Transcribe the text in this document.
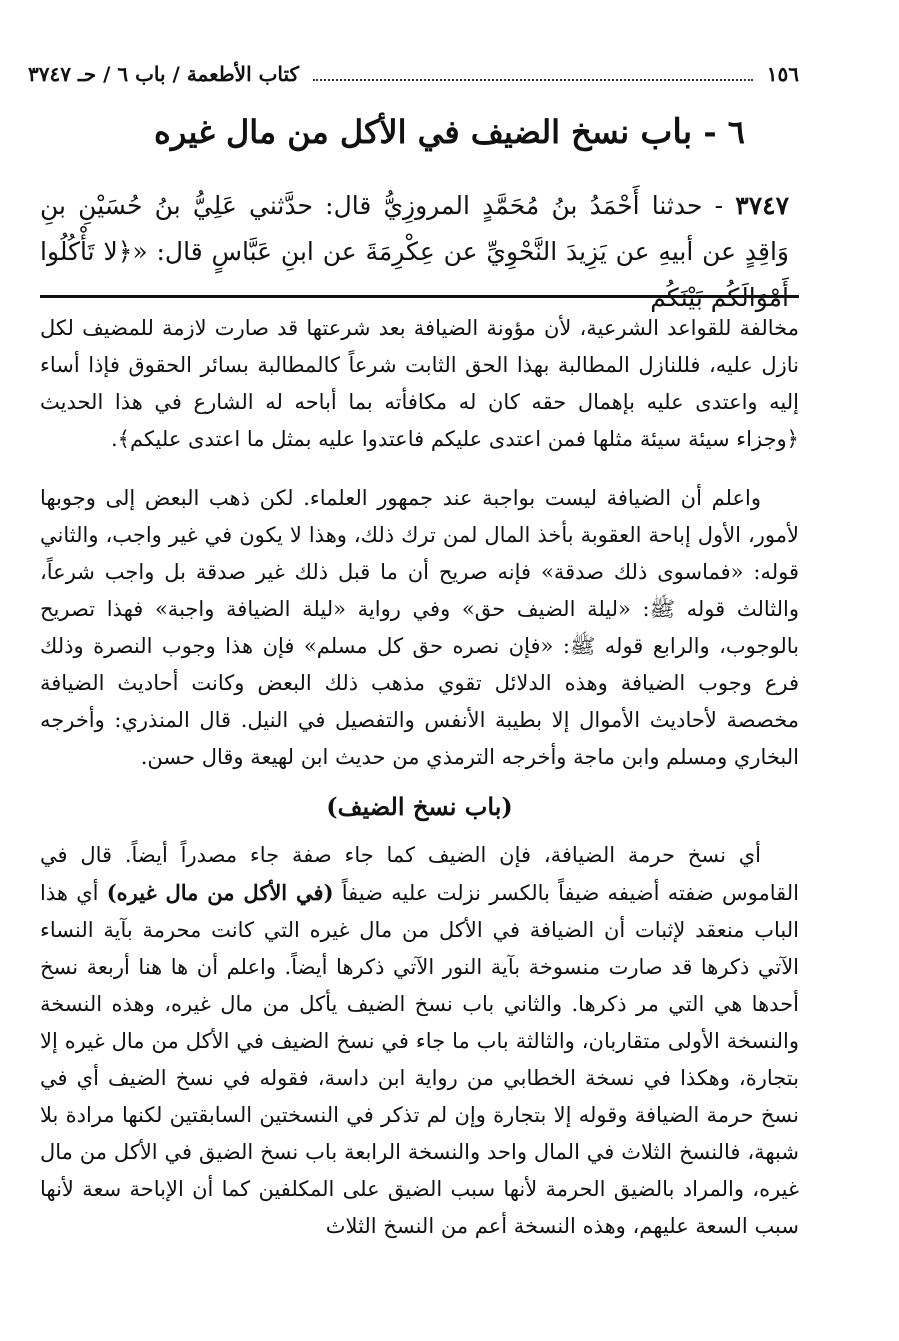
١٥٦
كتاب الأطعمة / باب ٦ / حـ ٣٧٤٧
٦ - باب نسخ الضيف في الأكل من مال غيره

٣٧٤٧ - حدثنا أَحْمَدُ بنُ مُحَمَّدٍ المروزِيُّ قال: حدَّثني عَلِيُّ بنُ حُسَيْنِ بنِ وَاقِدٍ عن أبيهِ عن يَزِيدَ النَّحْوِيِّ عن عِكْرِمَةَ عن ابنِ عَبَّاسٍ قال: «﴿لا تَأْكُلُوا أَمْوَالَكُم بَيْنَكُم

مخالفة للقواعد الشرعية، لأن مؤونة الضيافة بعد شرعتها قد صارت لازمة للمضيف لكل نازل عليه، فللنازل المطالبة بهذا الحق الثابت شرعاً كالمطالبة بسائر الحقوق فإذا أساء إليه واعتدى عليه بإهمال حقه كان له مكافأته بما أباحه له الشارع في هذا الحديث ﴿وجزاء سيئة سيئة مثلها فمن اعتدى عليكم فاعتدوا عليه بمثل ما اعتدى عليكم﴾.

واعلم أن الضيافة ليست بواجبة عند جمهور العلماء. لكن ذهب البعض إلى وجوبها لأمور، الأول إباحة العقوبة بأخذ المال لمن ترك ذلك، وهذا لا يكون في غير واجب، والثاني قوله: «فماسوى ذلك صدقة» فإنه صريح أن ما قبل ذلك غير صدقة بل واجب شرعاً، والثالث قوله ﷺ: «ليلة الضيف حق» وفي رواية «ليلة الضيافة واجبة» فهذا تصريح بالوجوب، والرابع قوله ﷺ: «فإن نصره حق كل مسلم» فإن هذا وجوب النصرة وذلك فرع وجوب الضيافة وهذه الدلائل تقوي مذهب ذلك البعض وكانت أحاديث الضيافة مخصصة لأحاديث الأموال إلا بطيبة الأنفس والتفصيل في النيل. قال المنذري: وأخرجه البخاري ومسلم وابن ماجة وأخرجه الترمذي من حديث ابن لهيعة وقال حسن.

(باب نسخ الضيف)

أي نسخ حرمة الضيافة، فإن الضيف كما جاء صفة جاء مصدراً أيضاً. قال في القاموس ضفته أضيفه ضيفاً بالكسر نزلت عليه ضيفاً (في الأكل من مال غيره) أي هذا الباب منعقد لإثبات أن الضيافة في الأكل من مال غيره التي كانت محرمة بآية النساء الآتي ذكرها قد صارت منسوخة بآية النور الآتي ذكرها أيضاً. واعلم أن ها هنا أربعة نسخ أحدها هي التي مر ذكرها. والثاني باب نسخ الضيف يأكل من مال غيره، وهذه النسخة والنسخة الأولى متقاربان، والثالثة باب ما جاء في نسخ الضيف في الأكل من مال غيره إلا بتجارة، وهكذا في نسخة الخطابي من رواية ابن داسة، فقوله في نسخ الضيف أي في نسخ حرمة الضيافة وقوله إلا بتجارة وإن لم تذكر في النسختين السابقتين لكنها مرادة بلا شبهة، فالنسخ الثلاث في المال واحد والنسخة الرابعة باب نسخ الضيق في الأكل من مال غيره، والمراد بالضيق الحرمة لأنها سبب الضيق على المكلفين كما أن الإباحة سعة لأنها سبب السعة عليهم، وهذه النسخة أعم من النسخ الثلاث
